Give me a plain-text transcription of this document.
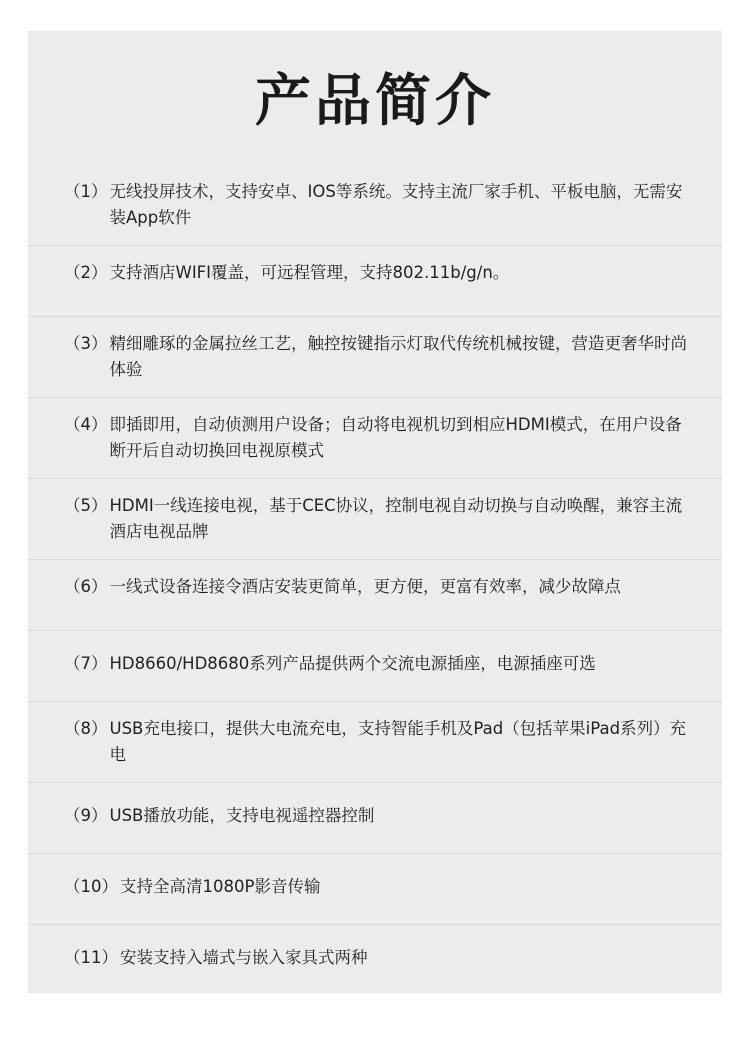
产品简介
（1） 无线投屏技术，支持安卓、IOS等系统。支持主流厂家手机、平板电脑，无需安装App软件
（2） 支持酒店WIFI覆盖，可远程管理，支持802.11b/g/n。
（3） 精细雕琢的金属拉丝工艺，触控按键指示灯取代传统机械按键，营造更奢华时尚体验
（4） 即插即用，自动侦测用户设备；自动将电视机切到相应HDMI模式，在用户设备断开后自动切换回电视原模式
（5） HDMI一线连接电视，基于CEC协议，控制电视自动切换与自动唤醒，兼容主流酒店电视品牌
（6） 一线式设备连接令酒店安装更简单，更方便，更富有效率，减少故障点
（7） HD8660/HD8680系列产品提供两个交流电源插座，电源插座可选
（8） USB充电接口，提供大电流充电，支持智能手机及Pad（包括苹果iPad系列）充电
（9） USB播放功能，支持电视遥控器控制
（10） 支持全高清1080P影音传输
（11） 安装支持入墙式与嵌入家具式两种
